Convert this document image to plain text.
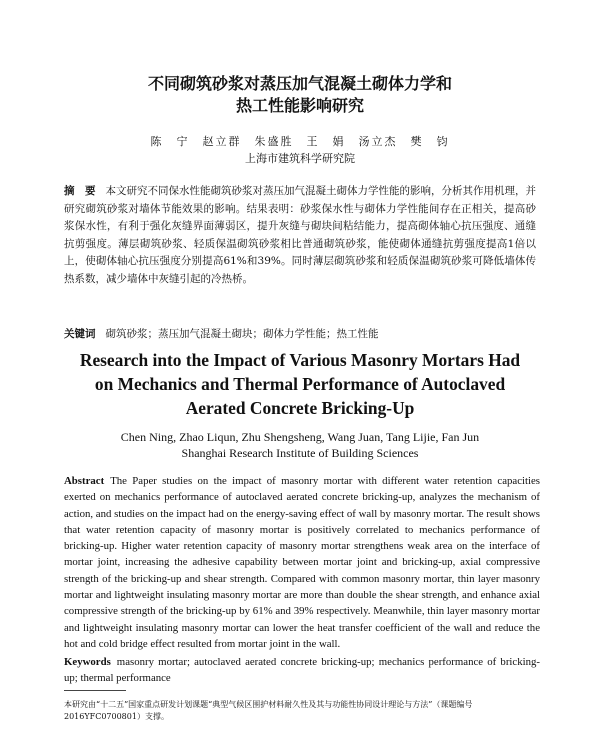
不同砌筑砂浆对蒸压加气混凝土砌体力学和
热工性能影响研究
陈　宁　赵立群　朱盛胜　王　娟　汤立杰　樊　钧
上海市建筑科学研究院
摘　要 本文研究不同保水性能砌筑砂浆对蒸压加气混凝土砌体力学性能的影响，分析其作用机理，并研究砌筑砂浆对墙体节能效果的影响。结果表明：砂浆保水性与砌体力学性能间存在正相关，提高砂浆保水性，有利于强化灰缝界面薄弱区，提升灰缝与砌块间粘结能力，提高砌体轴心抗压强度、通缝抗剪强度。薄层砌筑砂浆、轻质保温砌筑砂浆相比普通砌筑砂浆，能使砌体通缝抗剪强度提高1倍以上，使砌体轴心抗压强度分别提高61%和39%。同时薄层砌筑砂浆和轻质保温砌筑砂浆可降低墙体传热系数，减少墙体中灰缝引起的冷热桥。
关键词 砌筑砂浆；蒸压加气混凝土砌块；砌体力学性能；热工性能
Research into the Impact of Various Masonry Mortars Had
on Mechanics and Thermal Performance of Autoclaved
Aerated Concrete Bricking-Up
Chen Ning, Zhao Liqun, Zhu Shengsheng, Wang Juan, Tang Lijie, Fan Jun
Shanghai Research Institute of Building Sciences
Abstract The Paper studies on the impact of masonry mortar with different water retention capacities exerted on mechanics performance of autoclaved aerated concrete bricking-up, analyzes the mechanism of action, and studies on the impact had on the energy-saving effect of wall by masonry mortar. The result shows that water retention capacity of masonry mortar is positively correlated to mechanics performance of bricking-up. Higher water retention capacity of masonry mortar strengthens weak area on the interface of mortar joint, increasing the adhesive capability between mortar joint and bricking-up, axial compressive strength of the bricking-up and shear strength. Compared with common masonry mortar, thin layer masonry mortar and lightweight insulating masonry mortar are more than double the shear strength, and enhance axial compressive strength of the bricking-up by 61% and 39% respectively. Meanwhile, thin layer masonry mortar and lightweight insulating masonry mortar can lower the heat transfer coefficient of the wall and reduce the hot and cold bridge effect resulted from mortar joint in the wall.
Keywords masonry mortar; autoclaved aerated concrete bricking-up; mechanics performance of bricking-up; thermal performance
本研究由“十二五”国家重点研发计划课题“典型气候区围护材料耐久性及其与功能性协同设计理论与方法”（课题编号2016YFC0700801）支撑。
